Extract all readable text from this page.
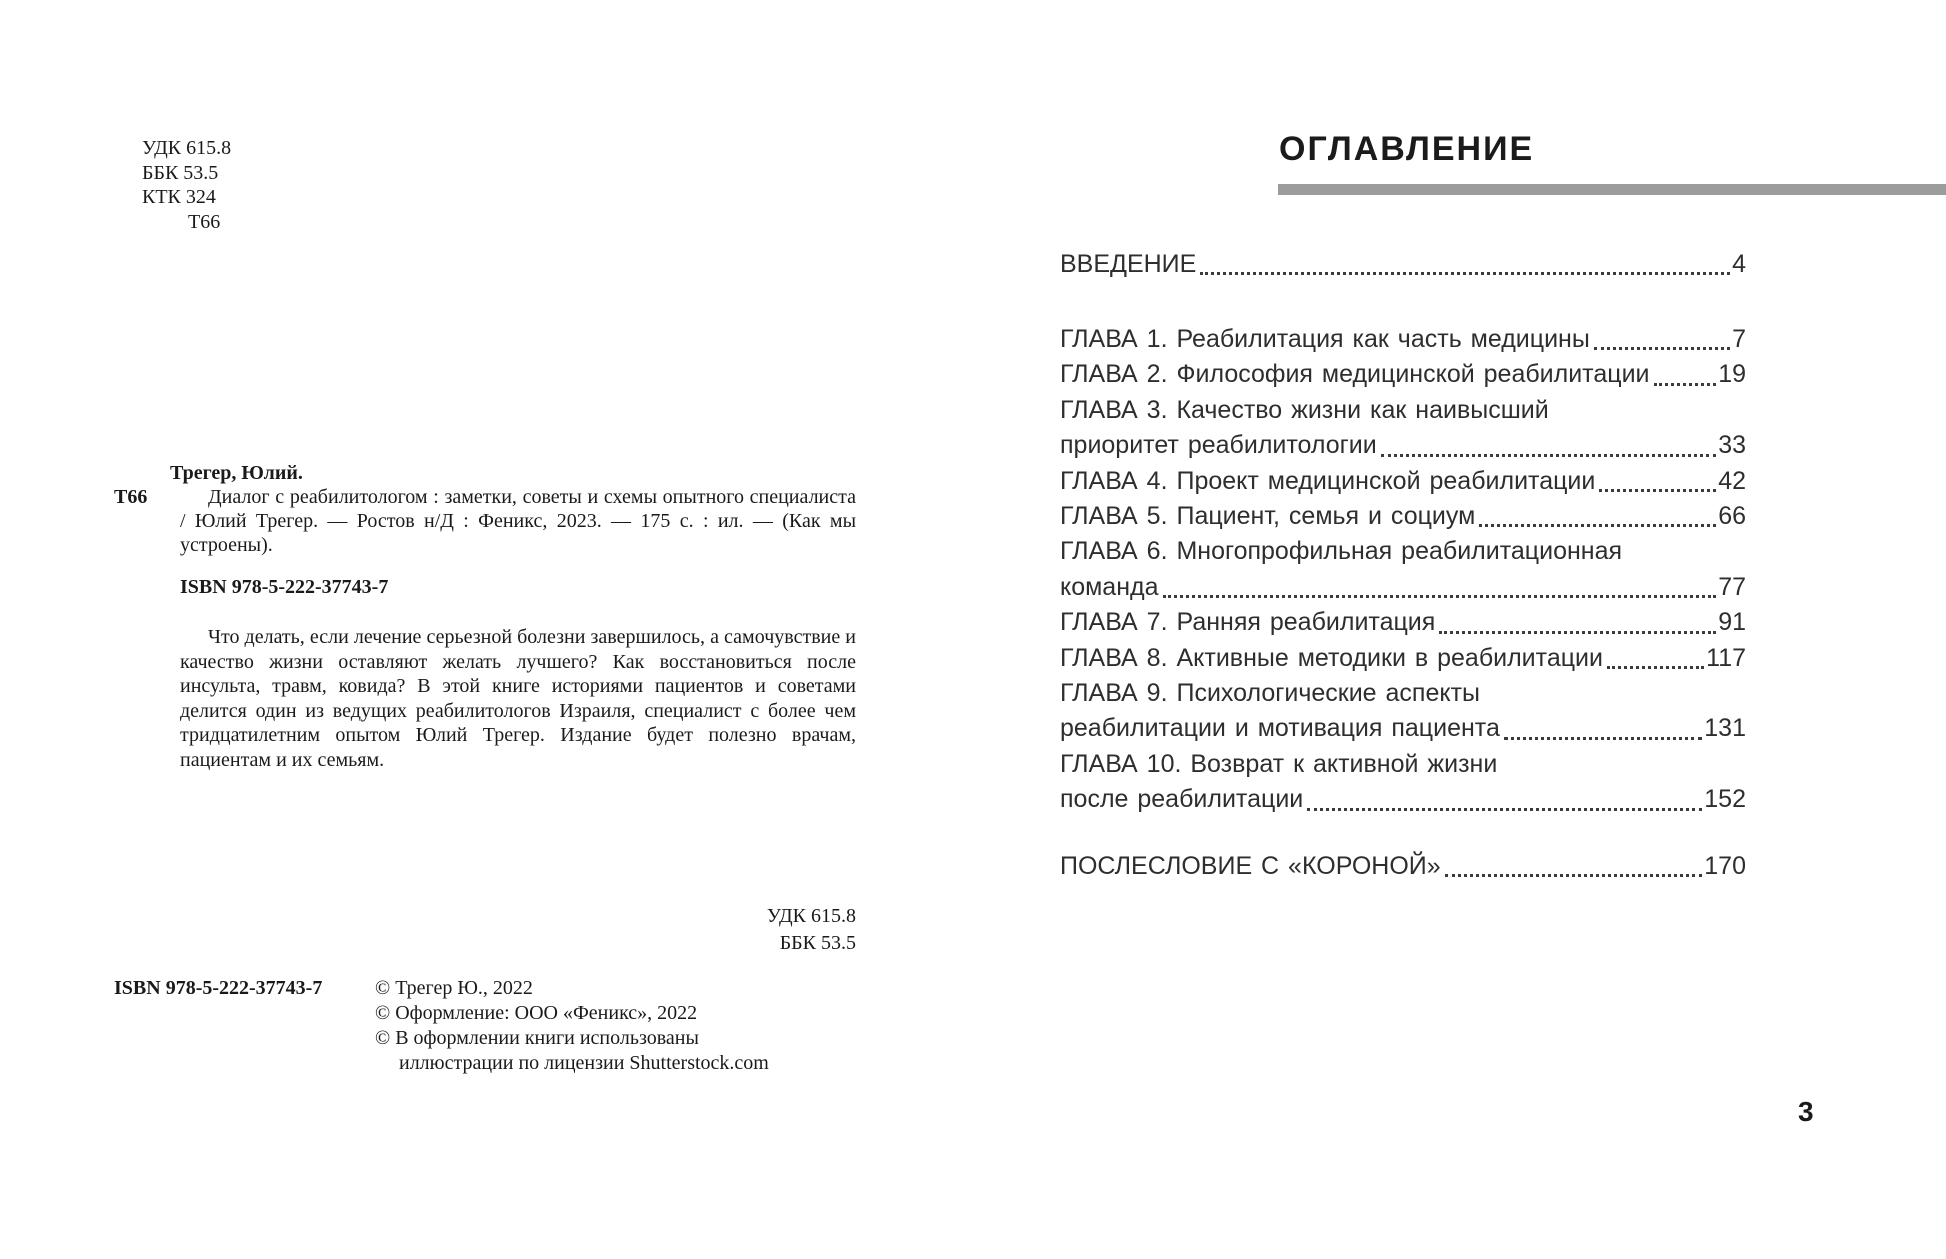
УДК 615.8
ББК 53.5
КТК 324
Т66
Трегер, Юлий.
Т66	Диалог с реабилитологом : заметки, советы и схемы опытного специалиста / Юлий Трегер. — Ростов н/Д : Феникс, 2023. — 175 с. : ил. — (Как мы устроены).
ISBN 978-5-222-37743-7
Что делать, если лечение серьезной болезни завершилось, а самочувствие и качество жизни оставляют желать лучшего? Как восстановиться после инсульта, травм, ковида? В этой книге историями пациентов и советами делится один из ведущих реабилитологов Израиля, специалист с более чем тридцатилетним опытом Юлий Трегер. Издание будет полезно врачам, пациентам и их семьям.
УДК 615.8
ББК 53.5
ISBN 978-5-222-37743-7	© Трегер Ю., 2022
© Оформление: ООО «Феникс», 2022
© В оформлении книги использованы
иллюстрации по лицензии Shutterstock.com
ОГЛАВЛЕНИЕ
ВВЕДЕНИЕ	4
ГЛАВА 1. Реабилитация как часть медицины	7
ГЛАВА 2. Философия медицинской реабилитации	19
ГЛАВА 3. Качество жизни как наивысший
приоритет реабилитологии	33
ГЛАВА 4. Проект медицинской реабилитации	42
ГЛАВА 5. Пациент, семья и социум	66
ГЛАВА 6. Многопрофильная реабилитационная
команда	77
ГЛАВА 7. Ранняя реабилитация	91
ГЛАВА 8. Активные методики в реабилитации	117
ГЛАВА 9. Психологические аспекты
реабилитации и мотивация пациента	131
ГЛАВА 10. Возврат к активной жизни
после реабилитации	152
ПОСЛЕСЛОВИЕ С «КОРОНОЙ»	170
3
